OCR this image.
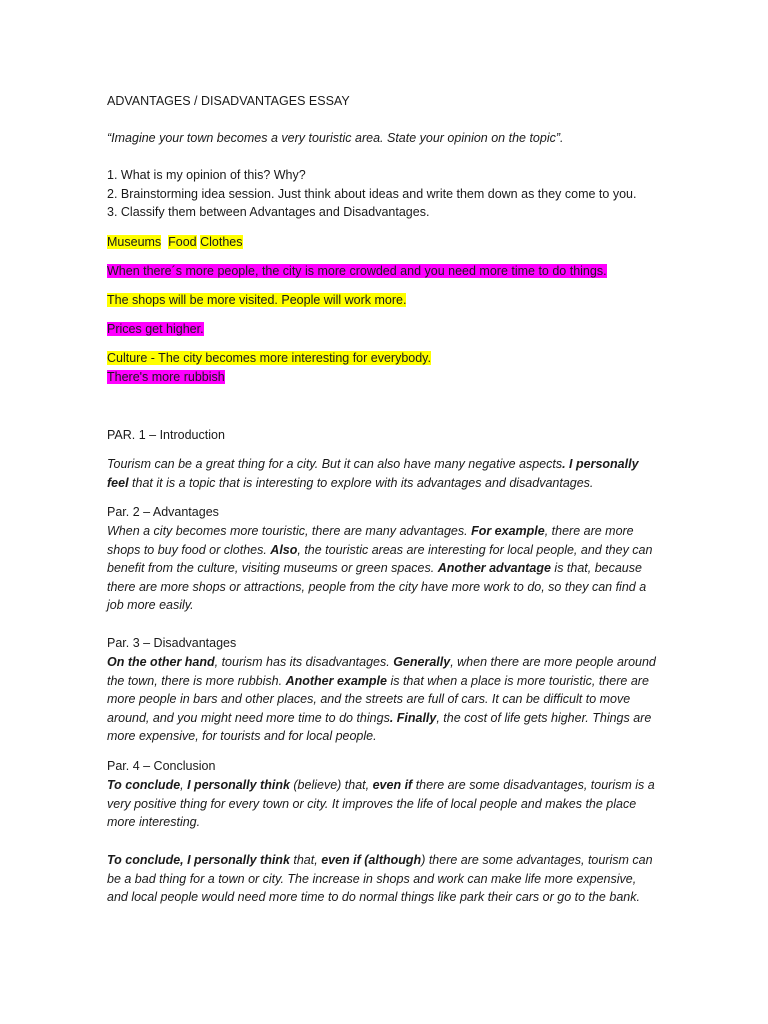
ADVANTAGES / DISADVANTAGES ESSAY
“Imagine your town becomes a very touristic area. State your opinion on the topic”.
1. What is my opinion of this? Why?
2. Brainstorming idea session. Just think about ideas and write them down as they come to you.
3. Classify them between Advantages and Disadvantages.
Museums Food Clothes
When there´s more people, the city is more crowded and you need more time to do things.
The shops will be more visited. People will work more.
Prices get higher.
Culture - The city becomes more interesting for everybody.
There's more rubbish
PAR. 1 – Introduction
Tourism can be a great thing for a city. But it can also have many negative aspects. I personally
feel that it is a topic that is interesting to explore with its advantages and disadvantages.
Par. 2 – Advantages
When a city becomes more touristic, there are many advantages. For example, there are more
shops to buy food or clothes. Also, the touristic areas are interesting for local people, and they can
benefit from the culture, visiting museums or green spaces. Another advantage is that, because
there are more shops or attractions, people from the city have more work to do, so they can find a
job more easily.
Par. 3 – Disadvantages
On the other hand, tourism has its disadvantages. Generally, when there are more people around
the town, there is more rubbish. Another example is that when a place is more touristic, there are
more people in bars and other places, and the streets are full of cars. It can be difficult to move
around, and you might need more time to do things. Finally, the cost of life gets higher. Things are
more expensive, for tourists and for local people.
Par. 4 – Conclusion
To conclude, I personally think (believe) that, even if there are some disadvantages, tourism is a
very positive thing for every town or city. It improves the life of local people and makes the place
more interesting.
To conclude, I personally think that, even if (although) there are some advantages, tourism can
be a bad thing for a town or city. The increase in shops and work can make life more expensive,
and local people would need more time to do normal things like park their cars or go to the bank.
